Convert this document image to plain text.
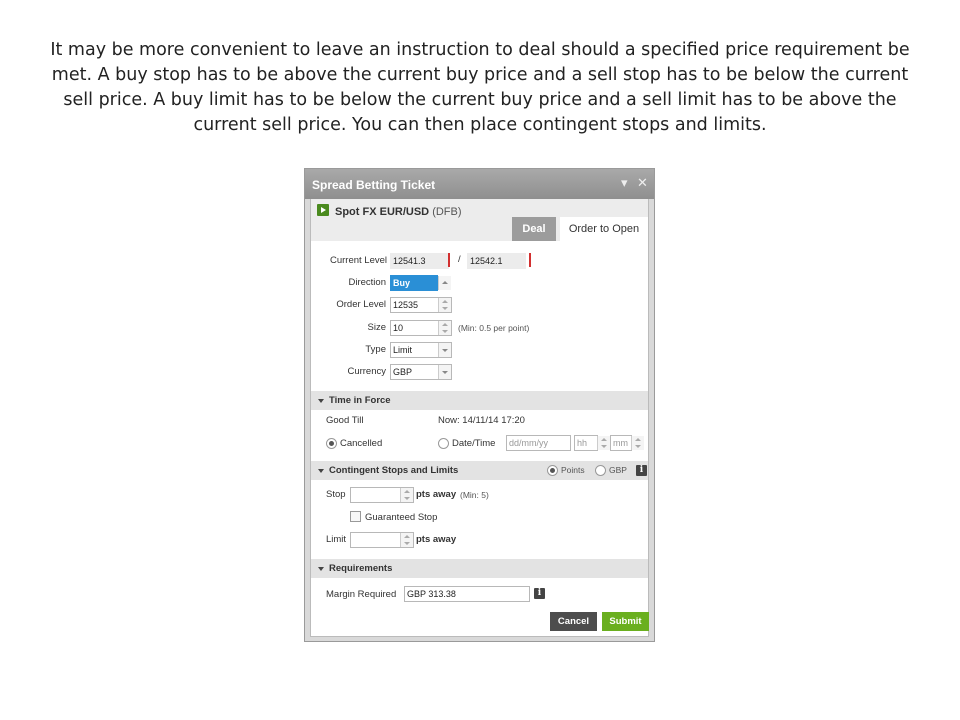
It may be more convenient to leave an instruction to deal should a specified price requirement be met. A buy stop has to be above the current buy price and a sell stop has to be below the current sell price. A buy limit has to be below the current buy price and a sell limit has to be above the current sell price. You can then place contingent stops and limits.
Spread Betting Ticket	▾ ✕
Spot FX EUR/USD (DFB)
Deal	Order to Open
Current Level 12541.3	/	12542.1
Direction Buy
Order Level 12535
Size 10	(Min: 0.5 per point)
Type Limit
Currency GBP
Time in Force
Good Till	Now: 14/11/14 17:20
Cancelled	Date/Time	dd/mm/yy	hh	mm
Contingent Stops and Limits	Points	GBP	i
Stop	pts away (Min: 5)
Guaranteed Stop
Limit	pts away
Requirements
Margin Required	GBP 313.38	i
Cancel	Submit
